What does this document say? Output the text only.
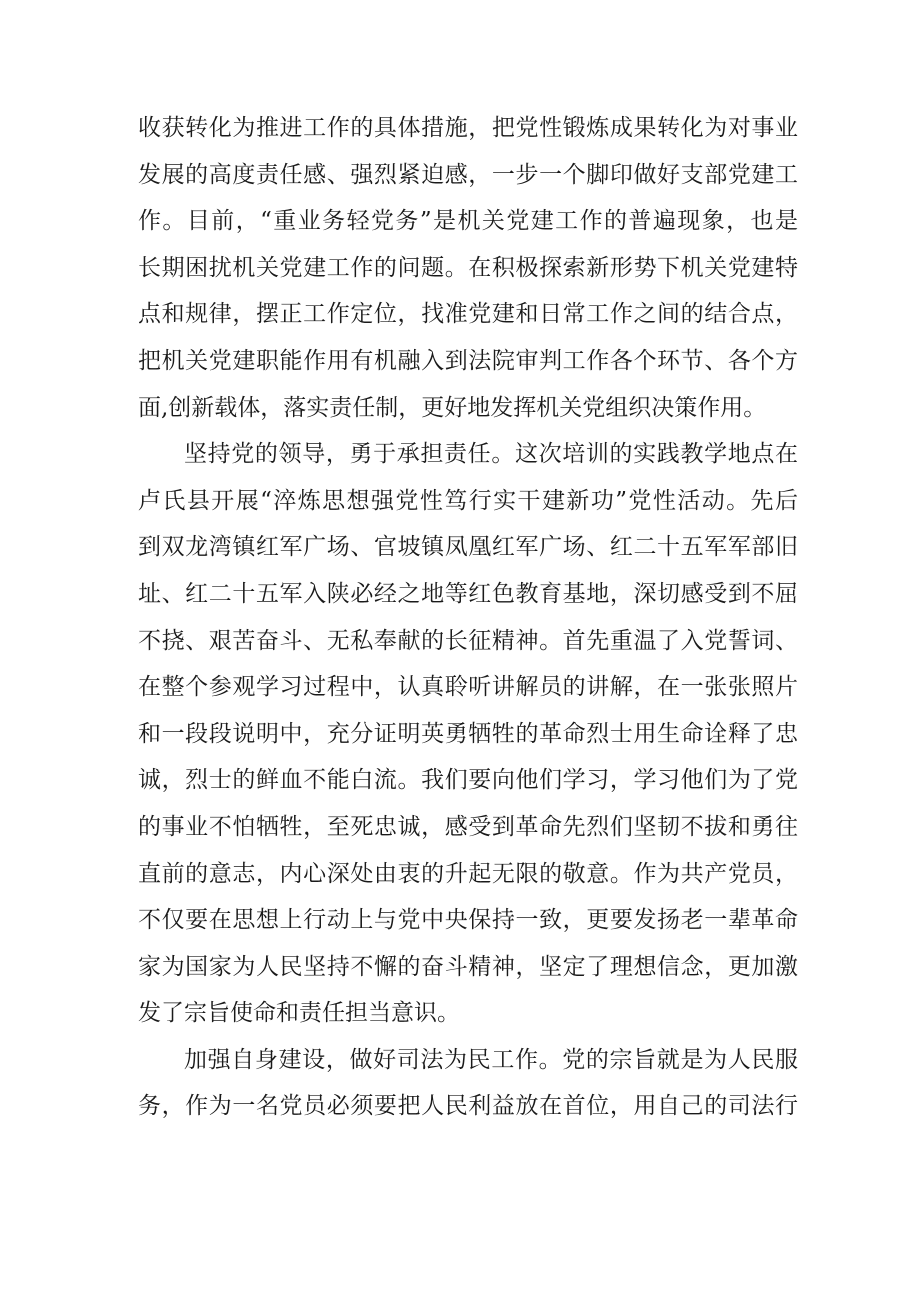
收获转化为推进工作的具体措施，把党性锻炼成果转化为对事业
发展的高度责任感、强烈紧迫感，一步一个脚印做好支部党建工
作。目前，“重业务轻党务”是机关党建工作的普遍现象，也是
长期困扰机关党建工作的问题。在积极探索新形势下机关党建特
点和规律，摆正工作定位，找准党建和日常工作之间的结合点，
把机关党建职能作用有机融入到法院审判工作各个环节、各个方
面,创新载体，落实责任制，更好地发挥机关党组织决策作用。
坚持党的领导，勇于承担责任。这次培训的实践教学地点在
卢氏县开展“淬炼思想强党性笃行实干建新功”党性活动。先后
到双龙湾镇红军广场、官坡镇凤凰红军广场、红二十五军军部旧
址、红二十五军入陕必经之地等红色教育基地，深切感受到不屈
不挠、艰苦奋斗、无私奉献的长征精神。首先重温了入党誓词、
在整个参观学习过程中，认真聆听讲解员的讲解，在一张张照片
和一段段说明中，充分证明英勇牺牲的革命烈士用生命诠释了忠
诚，烈士的鲜血不能白流。我们要向他们学习，学习他们为了党
的事业不怕牺牲，至死忠诚，感受到革命先烈们坚韧不拔和勇往
直前的意志，内心深处由衷的升起无限的敬意。作为共产党员，
不仅要在思想上行动上与党中央保持一致，更要发扬老一辈革命
家为国家为人民坚持不懈的奋斗精神，坚定了理想信念，更加激
发了宗旨使命和责任担当意识。
加强自身建设，做好司法为民工作。党的宗旨就是为人民服
务，作为一名党员必须要把人民利益放在首位，用自己的司法行
